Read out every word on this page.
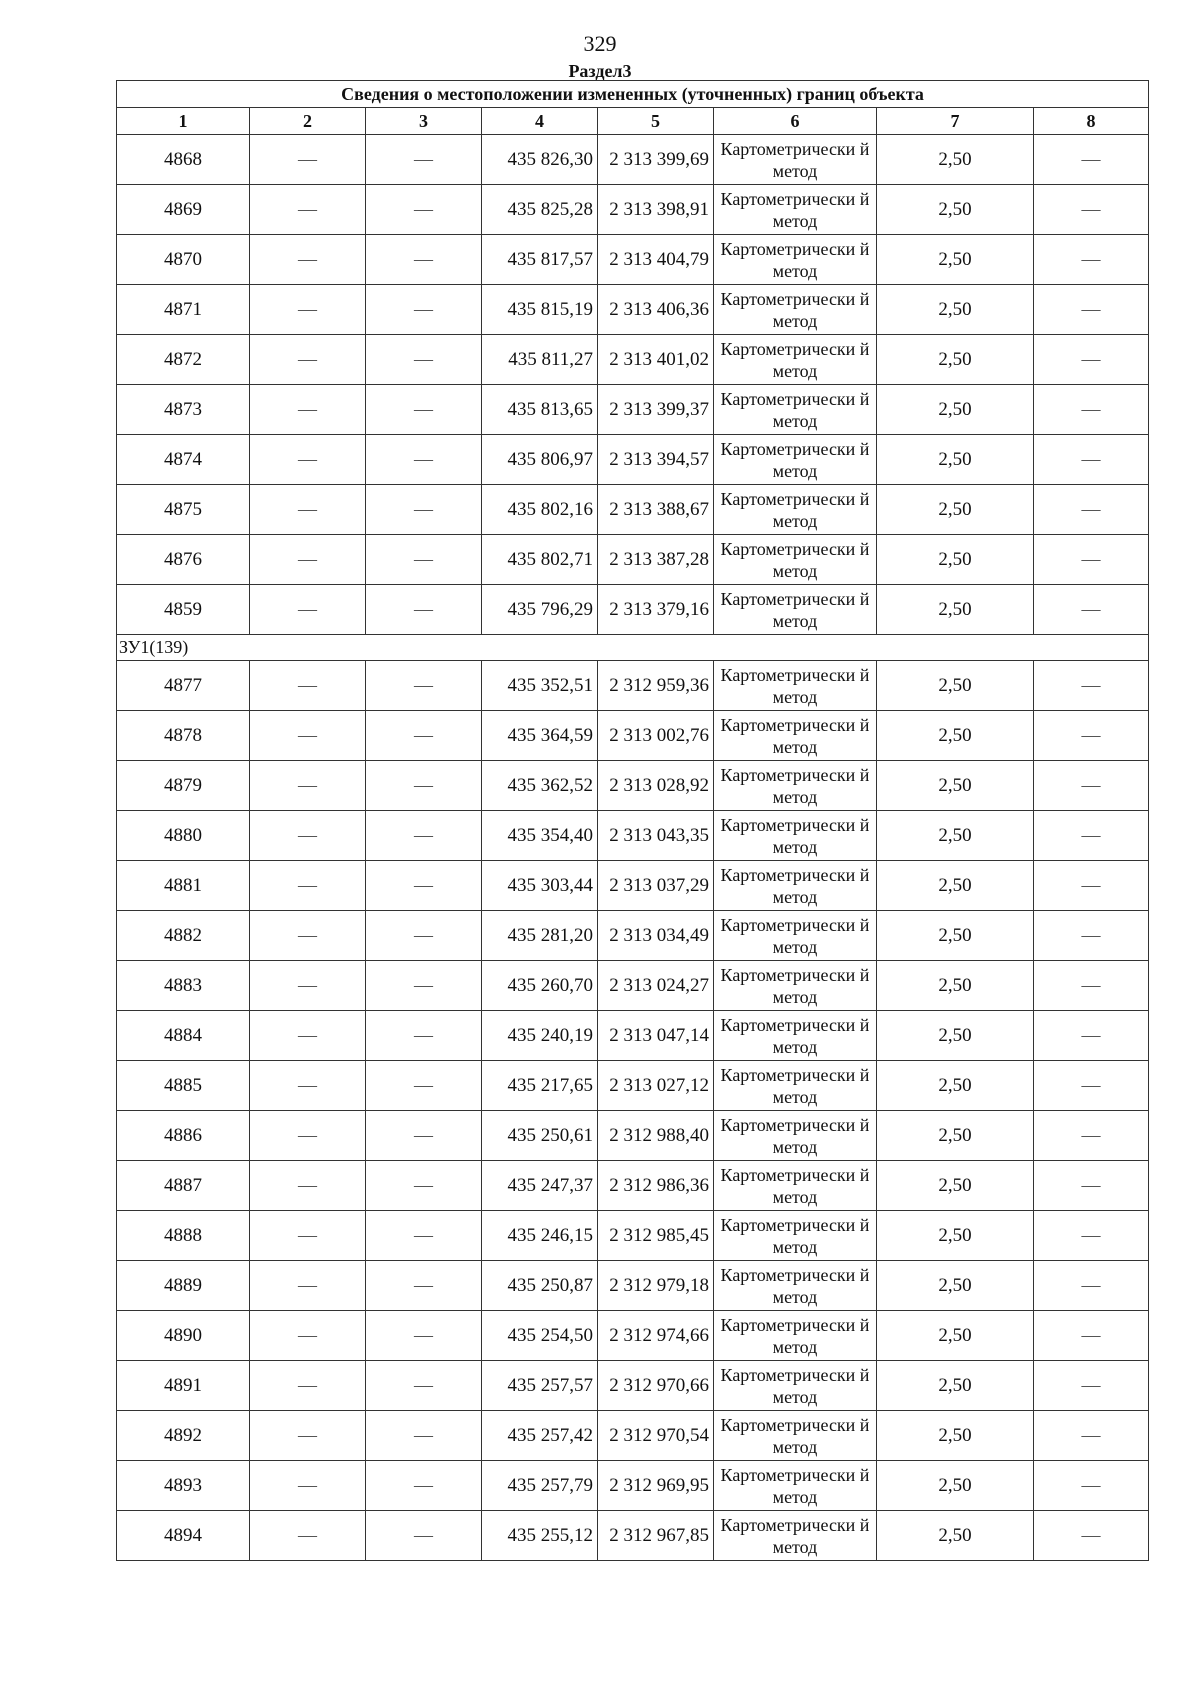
329
Раздел3
Сведения о местоположении измененных (уточненных) границ объекта							
1	2	3	4	5	6	7	8
4868	—	—	435 826,30	2 313 399,69	Картометрически й метод	2,50	—
4869	—	—	435 825,28	2 313 398,91	Картометрически й метод	2,50	—
4870	—	—	435 817,57	2 313 404,79	Картометрически й метод	2,50	—
4871	—	—	435 815,19	2 313 406,36	Картометрически й метод	2,50	—
4872	—	—	435 811,27	2 313 401,02	Картометрически й метод	2,50	—
4873	—	—	435 813,65	2 313 399,37	Картометрически й метод	2,50	—
4874	—	—	435 806,97	2 313 394,57	Картометрически й метод	2,50	—
4875	—	—	435 802,16	2 313 388,67	Картометрически й метод	2,50	—
4876	—	—	435 802,71	2 313 387,28	Картометрически й метод	2,50	—
4859	—	—	435 796,29	2 313 379,16	Картометрически й метод	2,50	—
ЗУ1(139)							
4877	—	—	435 352,51	2 312 959,36	Картометрически й метод	2,50	—
4878	—	—	435 364,59	2 313 002,76	Картометрически й метод	2,50	—
4879	—	—	435 362,52	2 313 028,92	Картометрически й метод	2,50	—
4880	—	—	435 354,40	2 313 043,35	Картометрически й метод	2,50	—
4881	—	—	435 303,44	2 313 037,29	Картометрически й метод	2,50	—
4882	—	—	435 281,20	2 313 034,49	Картометрически й метод	2,50	—
4883	—	—	435 260,70	2 313 024,27	Картометрически й метод	2,50	—
4884	—	—	435 240,19	2 313 047,14	Картометрически й метод	2,50	—
4885	—	—	435 217,65	2 313 027,12	Картометрически й метод	2,50	—
4886	—	—	435 250,61	2 312 988,40	Картометрически й метод	2,50	—
4887	—	—	435 247,37	2 312 986,36	Картометрически й метод	2,50	—
4888	—	—	435 246,15	2 312 985,45	Картометрически й метод	2,50	—
4889	—	—	435 250,87	2 312 979,18	Картометрически й метод	2,50	—
4890	—	—	435 254,50	2 312 974,66	Картометрически й метод	2,50	—
4891	—	—	435 257,57	2 312 970,66	Картометрически й метод	2,50	—
4892	—	—	435 257,42	2 312 970,54	Картометрически й метод	2,50	—
4893	—	—	435 257,79	2 312 969,95	Картометрически й метод	2,50	—
4894	—	—	435 255,12	2 312 967,85	Картометрически й метод	2,50	—
